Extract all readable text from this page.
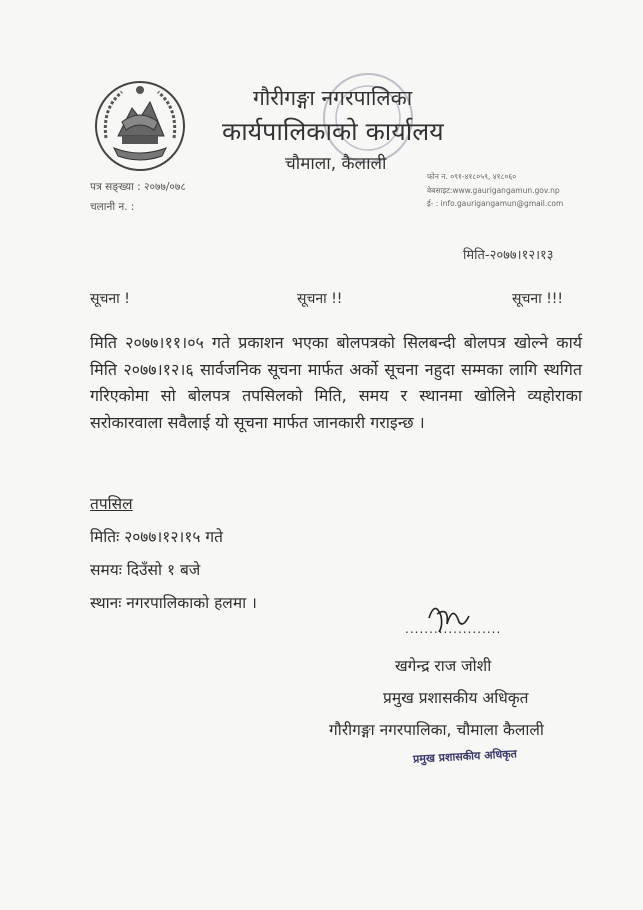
गौरीगङ्गा नगरपालिका
कार्यपालिकाको कार्यालय
चौमाला, कैलाली
पत्र सङ्ख्या : २०७७/०७८
चलानी न. :
फोन न. ०९१-४१८०५९, ४१८०६०
वेबसाइट:www.gaurigangamun.gov.np
ई- : info.gaurigangamun@gmail.com
मिति-२०७७।१२।१३
सूचना !	सूचना !!	सूचना !!!
मिति २०७७।११।०५ गते प्रकाशन भएका बोलपत्रको सिलबन्दी बोलपत्र खोल्ने कार्य मिति २०७७।१२।६ सार्वजनिक सूचना मार्फत अर्को सूचना नहुदा सम्मका लागि स्थगित गरिएकोमा सो बोलपत्र तपसिलको मिति, समय र स्थानमा खोलिने व्यहोराका सरोकारवाला सवैलाई यो सूचना मार्फत जानकारी गराइन्छ ।
तपसिल
मितिः २०७७।१२।१५ गते
समयः दिउँसो १ बजे
स्थानः नगरपालिकाको हलमा ।
....................
खगेन्द्र राज जोशी
प्रमुख प्रशासकीय अधिकृत
गौरीगङ्गा नगरपालिका, चौमाला कैलाली
प्रमुख प्रशासकीय अधिकृत
